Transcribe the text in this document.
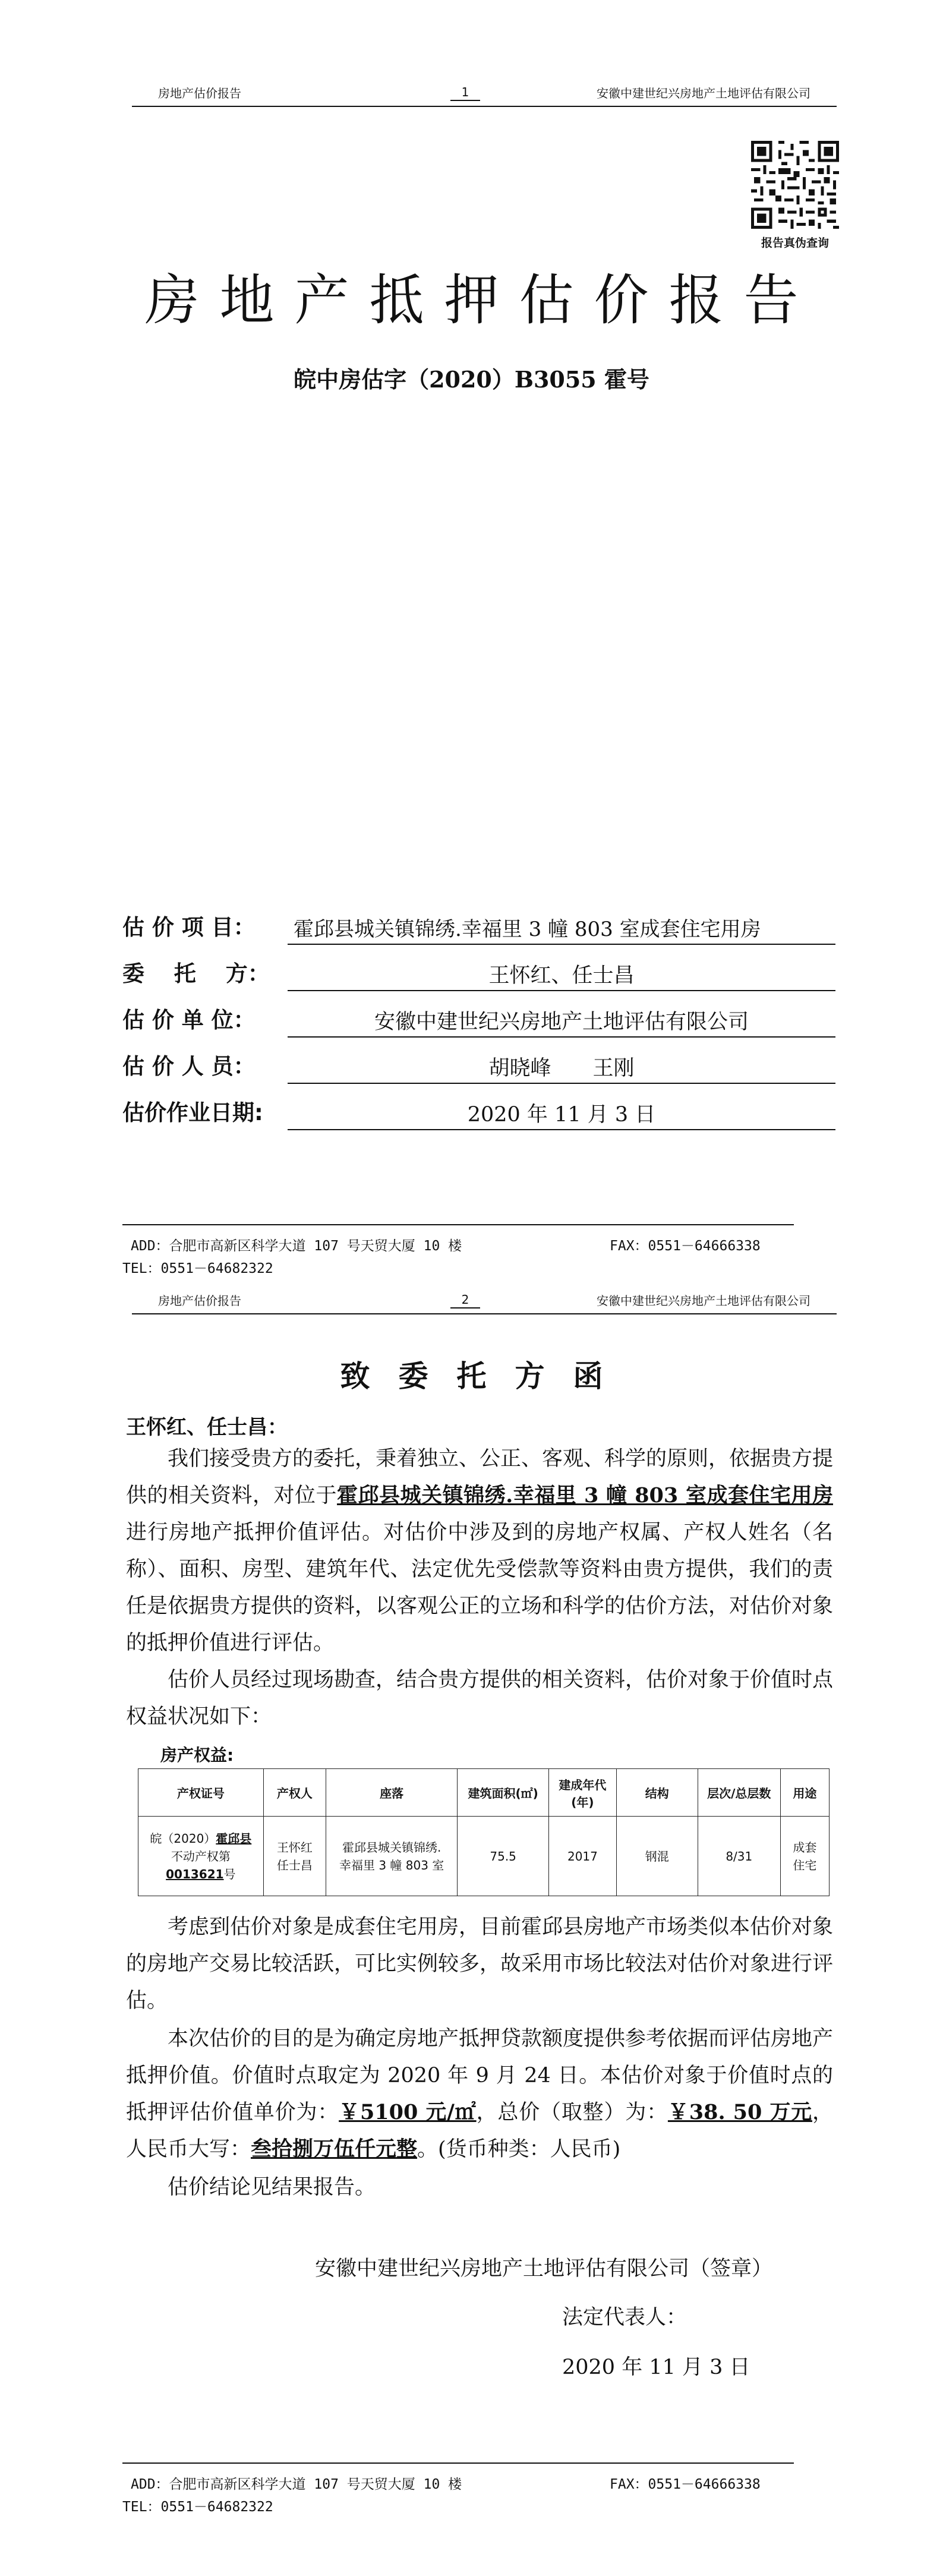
房地产估价报告	1	安徽中建世纪兴房地产土地评估有限公司
报告真伪查询
房地产抵押估价报告
皖中房估字（2020）B3055 霍号
估 价 项 目： 霍邱县城关镇锦绣.幸福里 3 幢 803 室成套住宅用房
委　 托　 方：	王怀红、任士昌
估 价 单 位：	安徽中建世纪兴房地产土地评估有限公司
估 价 人 员：	胡晓峰　　王刚
估价作业日期:	2020 年 11 月 3 日
ADD：合肥市高新区科学大道 107 号天贸大厦 10 楼	FAX：0551－64666338
TEL：0551－64682322
房地产估价报告	2	安徽中建世纪兴房地产土地评估有限公司
致委托方函
王怀红、任士昌：
我们接受贵方的委托，秉着独立、公正、客观、科学的原则，依据贵方提供的相关资料，对位于霍邱县城关镇锦绣.幸福里 3 幢 803 室成套住宅用房进行房地产抵押价值评估。对估价中涉及到的房地产权属、产权人姓名（名称）、面积、房型、建筑年代、法定优先受偿款等资料由贵方提供，我们的责任是依据贵方提供的资料，以客观公正的立场和科学的估价方法，对估价对象的抵押价值进行评估。
估价人员经过现场勘查，结合贵方提供的相关资料，估价对象于价值时点权益状况如下：
房产权益:
产权证号	产权人	座落	建筑面积(㎡)	建成年代(年)	结构	层次/总层数	用途
皖（2020）霍邱县
不动产权第
0013621号	王怀红
任士昌	霍邱县城关镇锦绣.
幸福里 3 幢 803 室	75.5	2017	钢混	8/31	成套
住宅
考虑到估价对象是成套住宅用房，目前霍邱县房地产市场类似本估价对象的房地产交易比较活跃，可比实例较多，故采用市场比较法对估价对象进行评估。
本次估价的目的是为确定房地产抵押贷款额度提供参考依据而评估房地产抵押价值。价值时点取定为 2020 年 9 月 24 日。本估价对象于价值时点的抵押评估价值单价为：￥5100 元/㎡，总价（取整）为：￥38. 50 万元，人民币大写：叁拾捌万伍仟元整。(货币种类：人民币)
估价结论见结果报告。
安徽中建世纪兴房地产土地评估有限公司（签章）
法定代表人：
2020 年 11 月 3 日
ADD：合肥市高新区科学大道 107 号天贸大厦 10 楼	FAX：0551－64666338
TEL：0551－64682322
